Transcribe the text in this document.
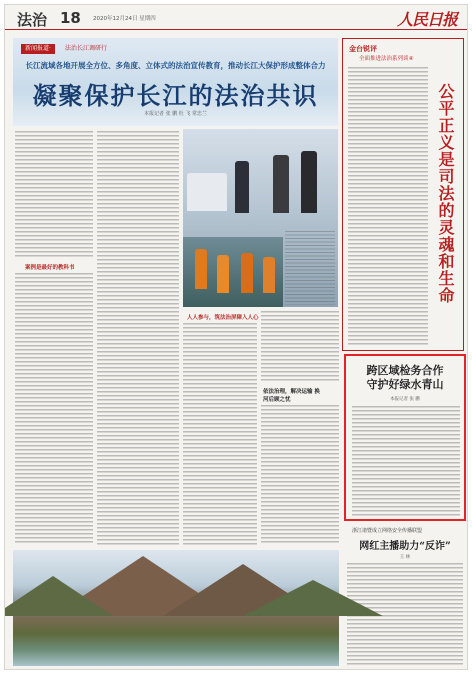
法治 18 2020年12月24日 星期四	人民日报
新闻报道·	法治长江调研行
长江流域各地开展全方位、多角度、立体式的法治宣传教育，推动长江大保护形成整体合力
凝聚保护长江的法治共识
本报记者 张 鹏 杜 飞 常忠兰
案例是最好的教科书
人人参与，筑法治屏障入人心
依法治理，解决运输 换河后顾之忧
金台锐评
全面推进法治系列谈④
公平正义是司法的灵魂和生命
跨区域检务合作
守护好绿水青山
本报记者 张 鹏
浙江诸暨成立网络安全传播联盟
网红主播助力“反诈”
王 林
